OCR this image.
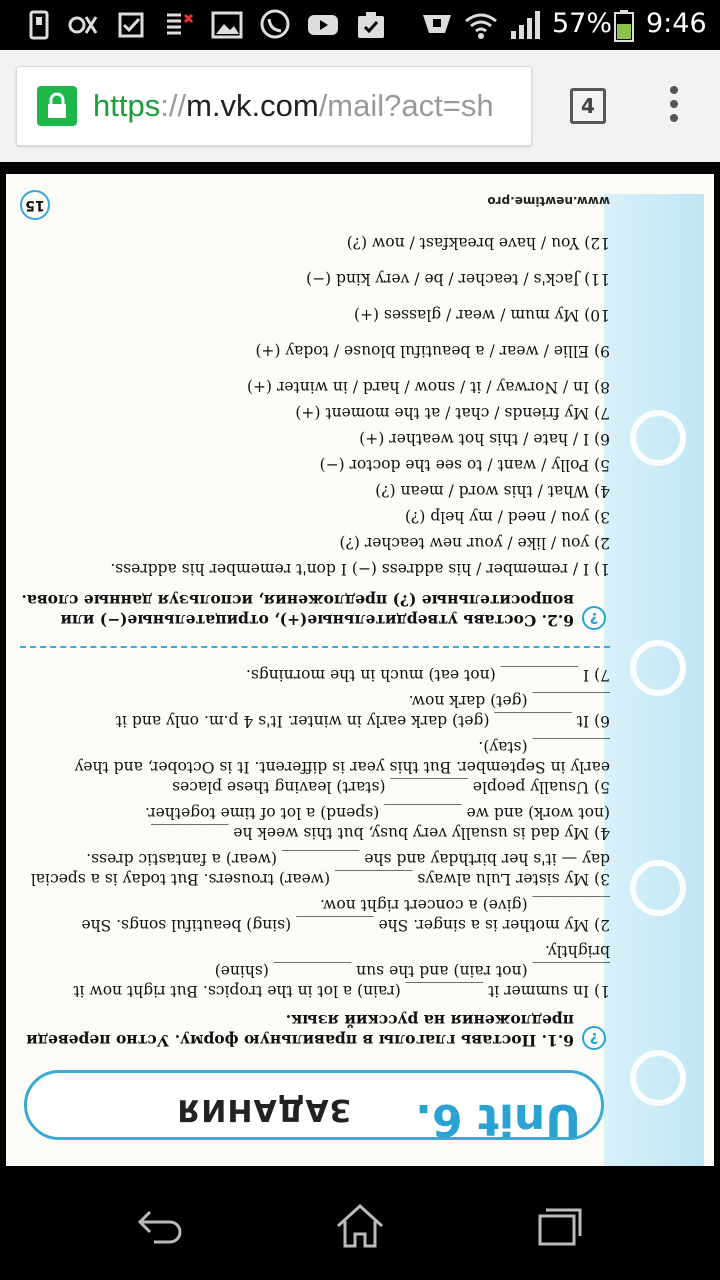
57% 9:46
https://m.vk.com/mail?act=sh	4
Unit 6.
ЗАДАНИЯ
?
6.1. Поставь глаголы в правильную форму. Устно переведи предложения на русский язык.
1) In summer it __________ (rain) a lot in the tropics. But right now it
__________ (not rain) and the sun __________ (shine)
brightly.
2) My mother is a singer. She __________ (sing) beautiful songs. She
__________ (give) a concert right now.
3) My sister Lulu always __________ (wear) trousers. But today is a special
day — it's her birthday and she __________ (wear) a fantastic dress.
4) My dad is usually very busy, but this week he __________
(not work) and we __________ (spend) a lot of time together.
5) Usually people __________ (start) leaving these places
early in September. But this year is different. It is October, and they
__________ (stay).
6) It __________ (get) dark early in winter. It's 4 p.m. only and it
__________ (get) dark now.
7) I __________ (not eat) much in the mornings.
?
6.2. Составь утвердительные(+), отрицательные(−) или вопросительные (?) предложения, используя данные слова.
1) I / remember / his address (−) I don't remember his address.
2) you / like / your new teacher (?)
3) you / need / my help (?)
4) What / this word / mean (?)
5) Polly / want / to see the doctor (−)
6) I / hate / this hot weather (+)
7) My friends / chat / at the moment (+)
8) In / Norway / it / snow / hard / in winter (+)
9) Ellie / wear / a beautiful blouse / today (+)
10) My mum / wear / glasses (+)
11) Jack's / teacher / be / very kind (−)
12) You / have breakfast / now (?)
www.newtime.pro
15
